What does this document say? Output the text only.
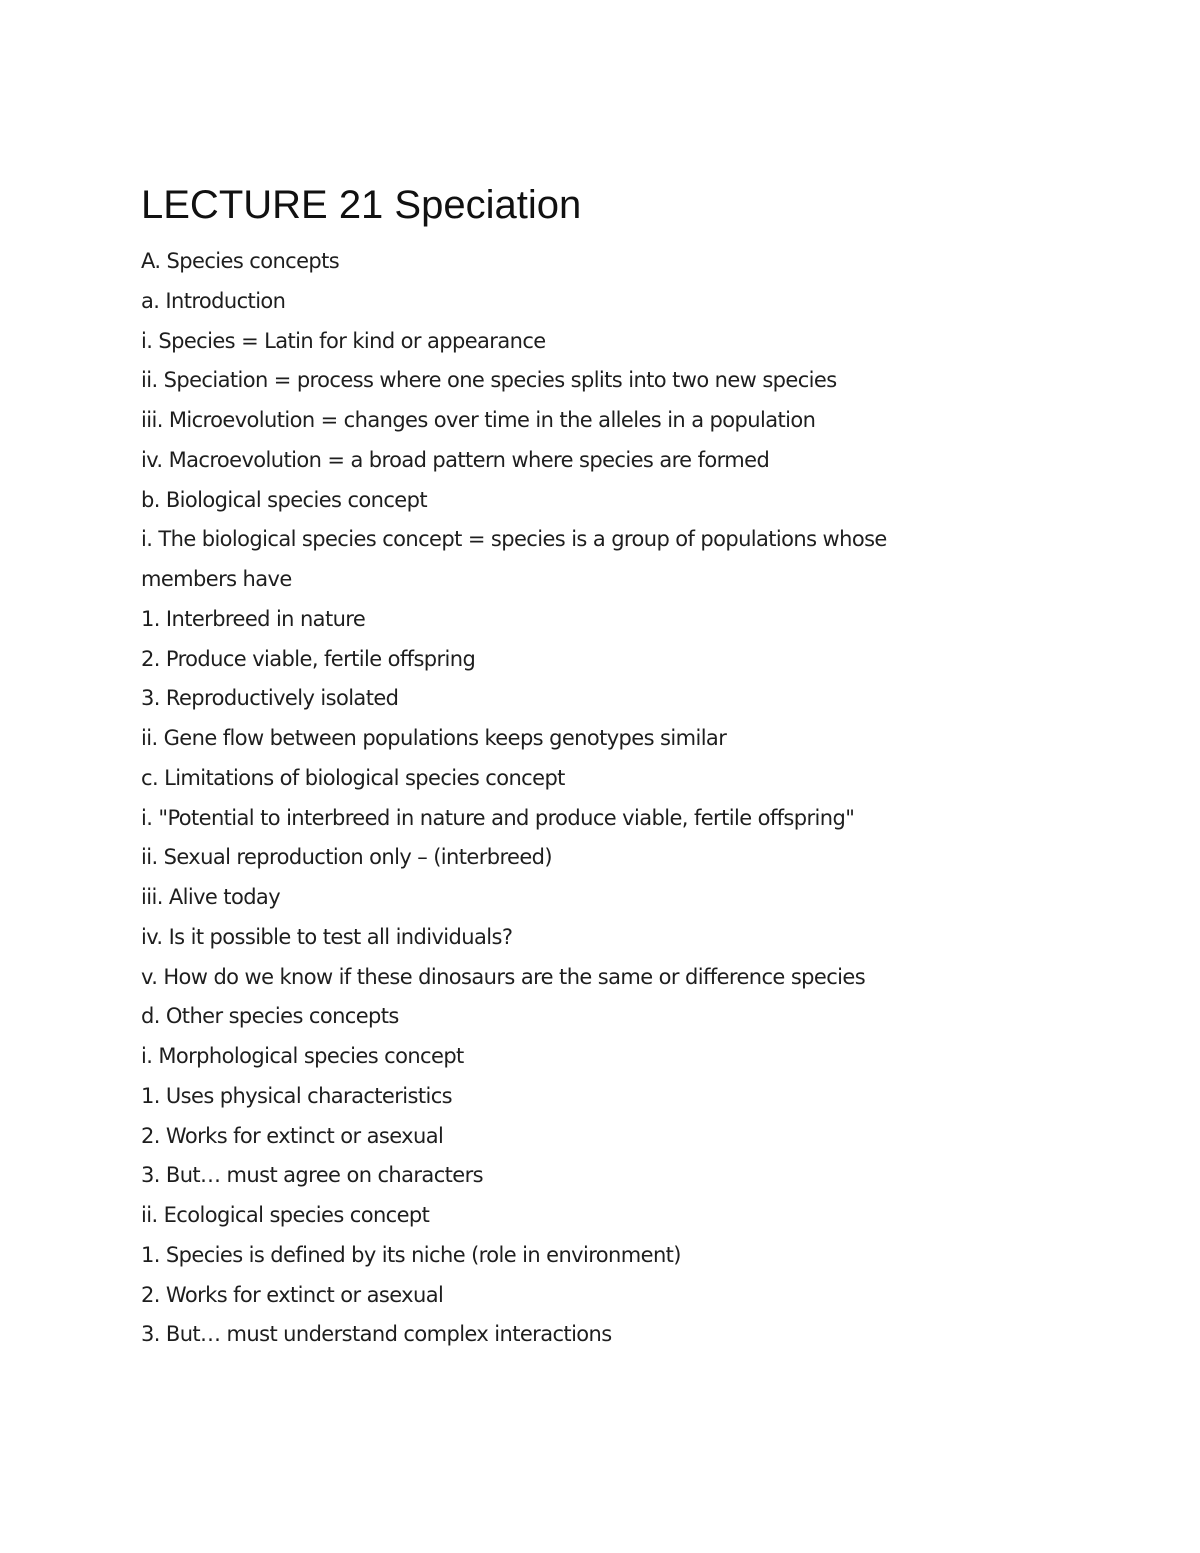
LECTURE 21 Speciation
A. Species concepts
a. Introduction
i. Species = Latin for kind or appearance
ii. Speciation = process where one species splits into two new species
iii. Microevolution = changes over time in the alleles in a population
iv. Macroevolution = a broad pattern where species are formed
b. Biological species concept
i. The biological species concept = species is a group of populations whose
members have
1. Interbreed in nature
2. Produce viable, fertile offspring
3. Reproductively isolated
ii. Gene flow between populations keeps genotypes similar
c. Limitations of biological species concept
i. "Potential to interbreed in nature and produce viable, fertile offspring"
ii. Sexual reproduction only – (interbreed)
iii. Alive today
iv. Is it possible to test all individuals?
v. How do we know if these dinosaurs are the same or difference species
d. Other species concepts
i. Morphological species concept
1. Uses physical characteristics
2. Works for extinct or asexual
3. But… must agree on characters
ii. Ecological species concept
1. Species is defined by its niche (role in environment)
2. Works for extinct or asexual
3. But… must understand complex interactions
